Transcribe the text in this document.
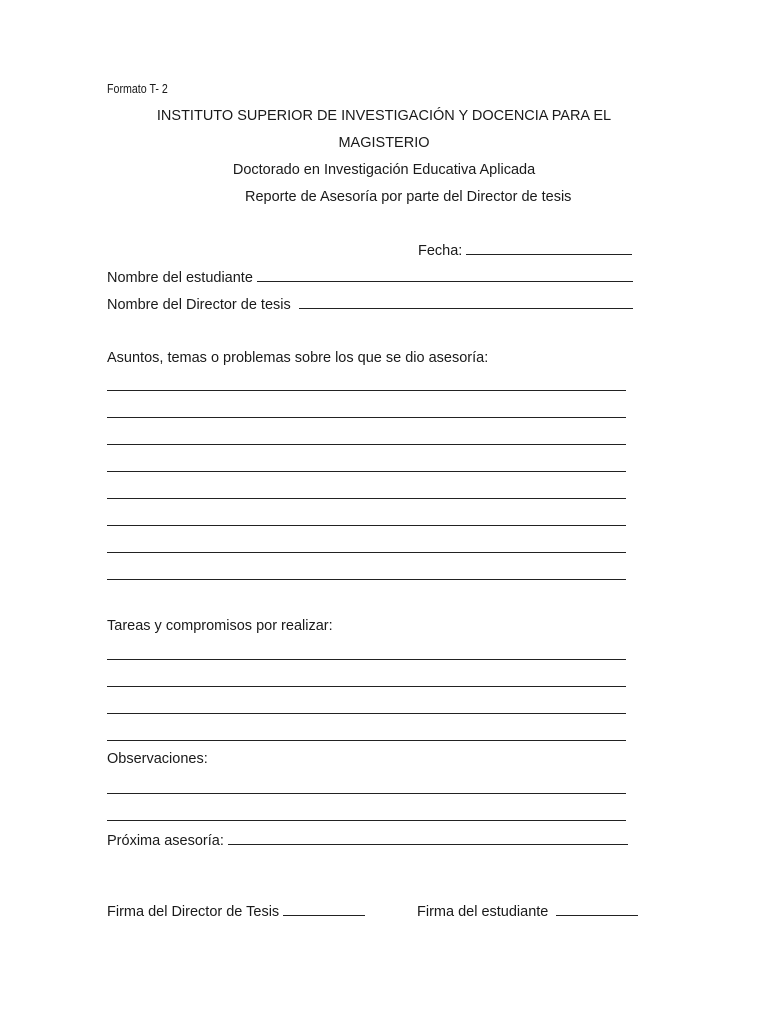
Formato T- 2
INSTITUTO SUPERIOR DE INVESTIGACIÓN Y DOCENCIA PARA EL
MAGISTERIO
Doctorado en Investigación Educativa Aplicada
Reporte de Asesoría por parte del Director de tesis
Fecha:
Nombre del estudiante
Nombre del Director de tesis
Asuntos, temas o problemas sobre los que se dio asesoría:
Tareas y compromisos por realizar:
Observaciones:
Próxima asesoría:
Firma del Director de Tesis	Firma del estudiante
